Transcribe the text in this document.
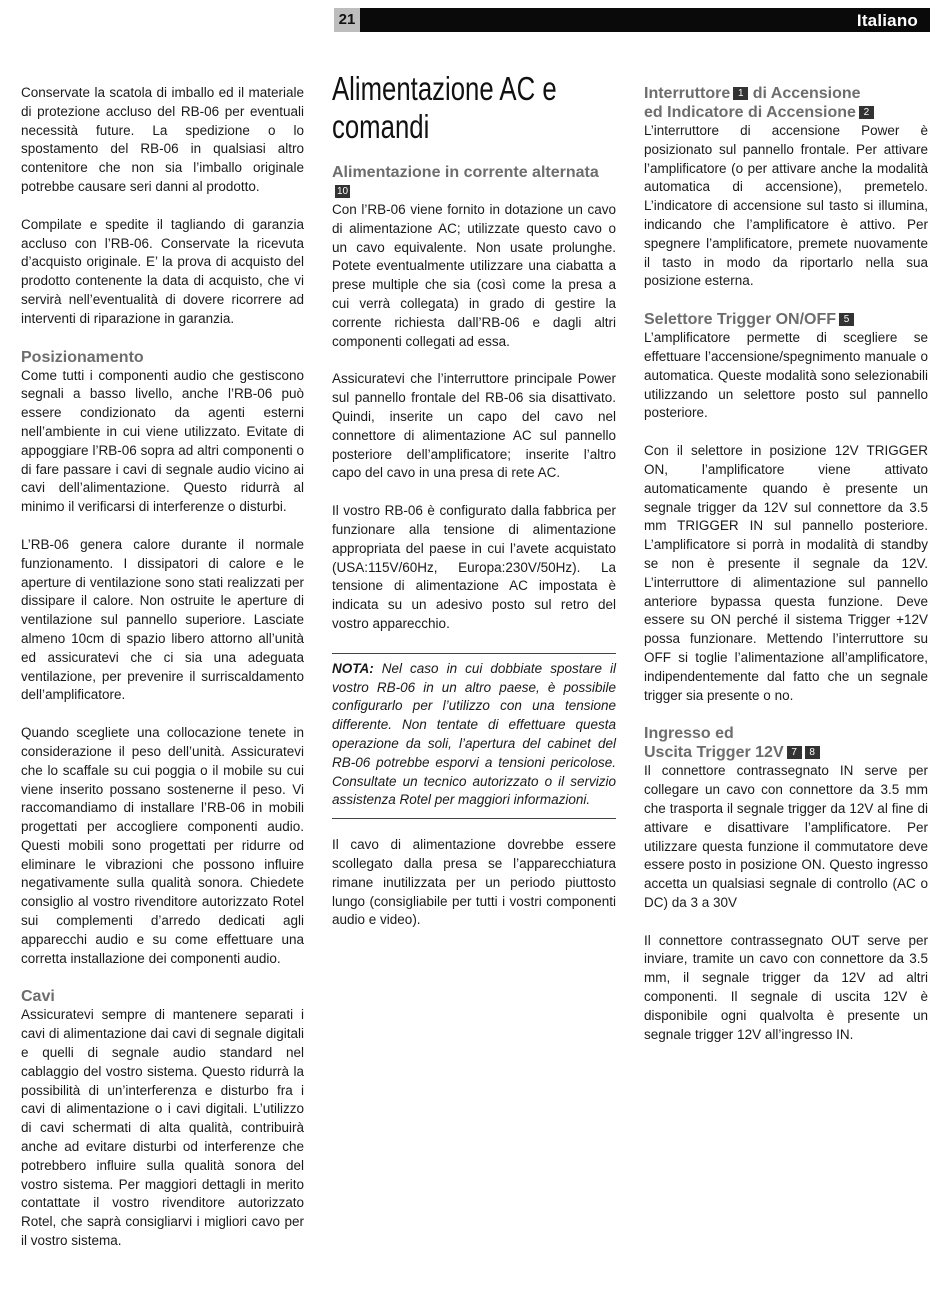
21	Italiano

Conservate la scatola di imballo ed il materiale di protezione accluso del RB-06 per eventuali necessità future. La spedizione o lo spostamento del RB-06 in qualsiasi altro contenitore che non sia l’imballo originale potrebbe causare seri danni al prodotto.

Compilate e spedite il tagliando di garanzia accluso con l’RB-06. Conservate la ricevuta d’acquisto originale. E’ la prova di acquisto del prodotto contenente la data di acquisto, che vi servirà nell’eventualità di dovere ricorrere ad interventi di riparazione in garanzia.

Posizionamento

Come tutti i componenti audio che gestiscono segnali a basso livello, anche l’RB-06 può essere condizionato da agenti esterni nell’ambiente in cui viene utilizzato. Evitate di appoggiare l’RB-06 sopra ad altri componenti o di fare passare i cavi di segnale audio vicino ai cavi dell’alimentazione. Questo ridurrà al minimo il verificarsi di interferenze o disturbi.

L’RB-06 genera calore durante il normale funzionamento. I dissipatori di calore e le aperture di ventilazione sono stati realizzati per dissipare il calore. Non ostruite le aperture di ventilazione sul pannello superiore. Lasciate almeno 10cm di spazio libero attorno all’unità ed assicuratevi che ci sia una adeguata ventilazione, per prevenire il surriscaldamento dell’amplificatore.

Quando scegliete una collocazione tenete in considerazione il peso dell’unità. Assicuratevi che lo scaffale su cui poggia o il mobile su cui viene inserito possano sostenerne il peso. Vi raccomandiamo di installare l’RB-06 in mobili progettati per accogliere componenti audio. Questi mobili sono progettati per ridurre od eliminare le vibrazioni che possono influire negativamente sulla qualità sonora. Chiedete consiglio al vostro rivenditore autorizzato Rotel sui complementi d’arredo dedicati agli apparecchi audio e su come effettuare una corretta installazione dei componenti audio.

Cavi

Assicuratevi sempre di mantenere separati i cavi di alimentazione dai cavi di segnale digitali e quelli di segnale audio standard nel cablaggio del vostro sistema. Questo ridurrà la possibilità di un’interferenza e disturbo fra i cavi di alimentazione o i cavi digitali. L’utilizzo di cavi schermati di alta qualità, contribuirà anche ad evitare disturbi od interferenze che potrebbero influire sulla qualità sonora del vostro sistema. Per maggiori dettagli in merito contattate il vostro rivenditore autorizzato Rotel, che saprà consigliarvi i migliori cavo per il vostro sistema.

Alimentazione AC e comandi
Alimentazione in corrente alternata10

Con l’RB-06 viene fornito in dotazione un cavo di alimentazione AC; utilizzate questo cavo o un cavo equivalente. Non usate prolunghe. Potete eventualmente utilizzare una ciabatta a prese multiple che sia (così come la presa a cui verrà collegata) in grado di gestire la corrente richiesta dall’RB-06 e dagli altri componenti collegati ad essa.

Assicuratevi che l’interruttore principale Power sul pannello frontale del RB-06 sia disattivato. Quindi, inserite un capo del cavo nel connettore di alimentazione AC sul pannello posteriore dell’amplificatore; inserite l’altro capo del cavo in una presa di rete AC.

Il vostro RB-06 è configurato dalla fabbrica per funzionare alla tensione di alimentazione appropriata del paese in cui l’avete acquistato (USA:115V/60Hz, Europa:230V/50Hz). La tensione di alimentazione AC impostata è indicata su un adesivo posto sul retro del vostro apparecchio.

NOTA: Nel caso in cui dobbiate spostare il vostro RB-06 in un altro paese, è possibile configurarlo per l’utilizzo con una tensione differente. Non tentate di effettuare questa operazione da soli, l’apertura del cabinet del RB-06 potrebbe esporvi a tensioni pericolose. Consultate un tecnico autorizzato o il servizio assistenza Rotel per maggiori informazioni.

Il cavo di alimentazione dovrebbe essere scollegato dalla presa se l’apparecchiatura rimane inutilizzata per un periodo piuttosto lungo (consigliabile per tutti i vostri componenti audio e video).

Interruttore 1 di Accensione
ed Indicatore di Accensione 2

L’interruttore di accensione Power è posizionato sul pannello frontale. Per attivare l’amplificatore (o per attivare anche la modalità automatica di accensione), premetelo. L’indicatore di accensione sul tasto si illumina, indicando che l’amplificatore è attivo. Per spegnere l’amplificatore, premete nuovamente il tasto in modo da riportarlo nella sua posizione esterna.

Selettore Trigger ON/OFF 5

L’amplificatore permette di scegliere se effettuare l’accensione/spegnimento manuale o automatica. Queste modalità sono selezionabili utilizzando un selettore posto sul pannello posteriore.

Con il selettore in posizione 12V TRIGGER ON, l’amplificatore viene attivato automaticamente quando è presente un segnale trigger da 12V sul connettore da 3.5 mm TRIGGER IN sul pannello posteriore. L’amplificatore si porrà in modalità di standby se non è presente il segnale da 12V. L’interruttore di alimentazione sul pannello anteriore bypassa questa funzione. Deve essere su ON perché il sistema Trigger +12V possa funzionare. Mettendo l’interruttore su OFF si toglie l’alimentazione all’amplificatore, indipendentemente dal fatto che un segnale trigger sia presente o no.

Ingresso ed
Uscita Trigger 12V 7 8

Il connettore contrassegnato IN serve per collegare un cavo con connettore da 3.5 mm che trasporta il segnale trigger da 12V al fine di attivare e disattivare l’amplificatore. Per utilizzare questa funzione il commutatore deve essere posto in posizione ON. Questo ingresso accetta un qualsiasi segnale di controllo (AC o DC) da 3 a 30V

Il connettore contrassegnato OUT serve per inviare, tramite un cavo con connettore da 3.5 mm, il segnale trigger da 12V ad altri componenti. Il segnale di uscita 12V è disponibile ogni qualvolta è presente un segnale trigger 12V all’ingresso IN.
